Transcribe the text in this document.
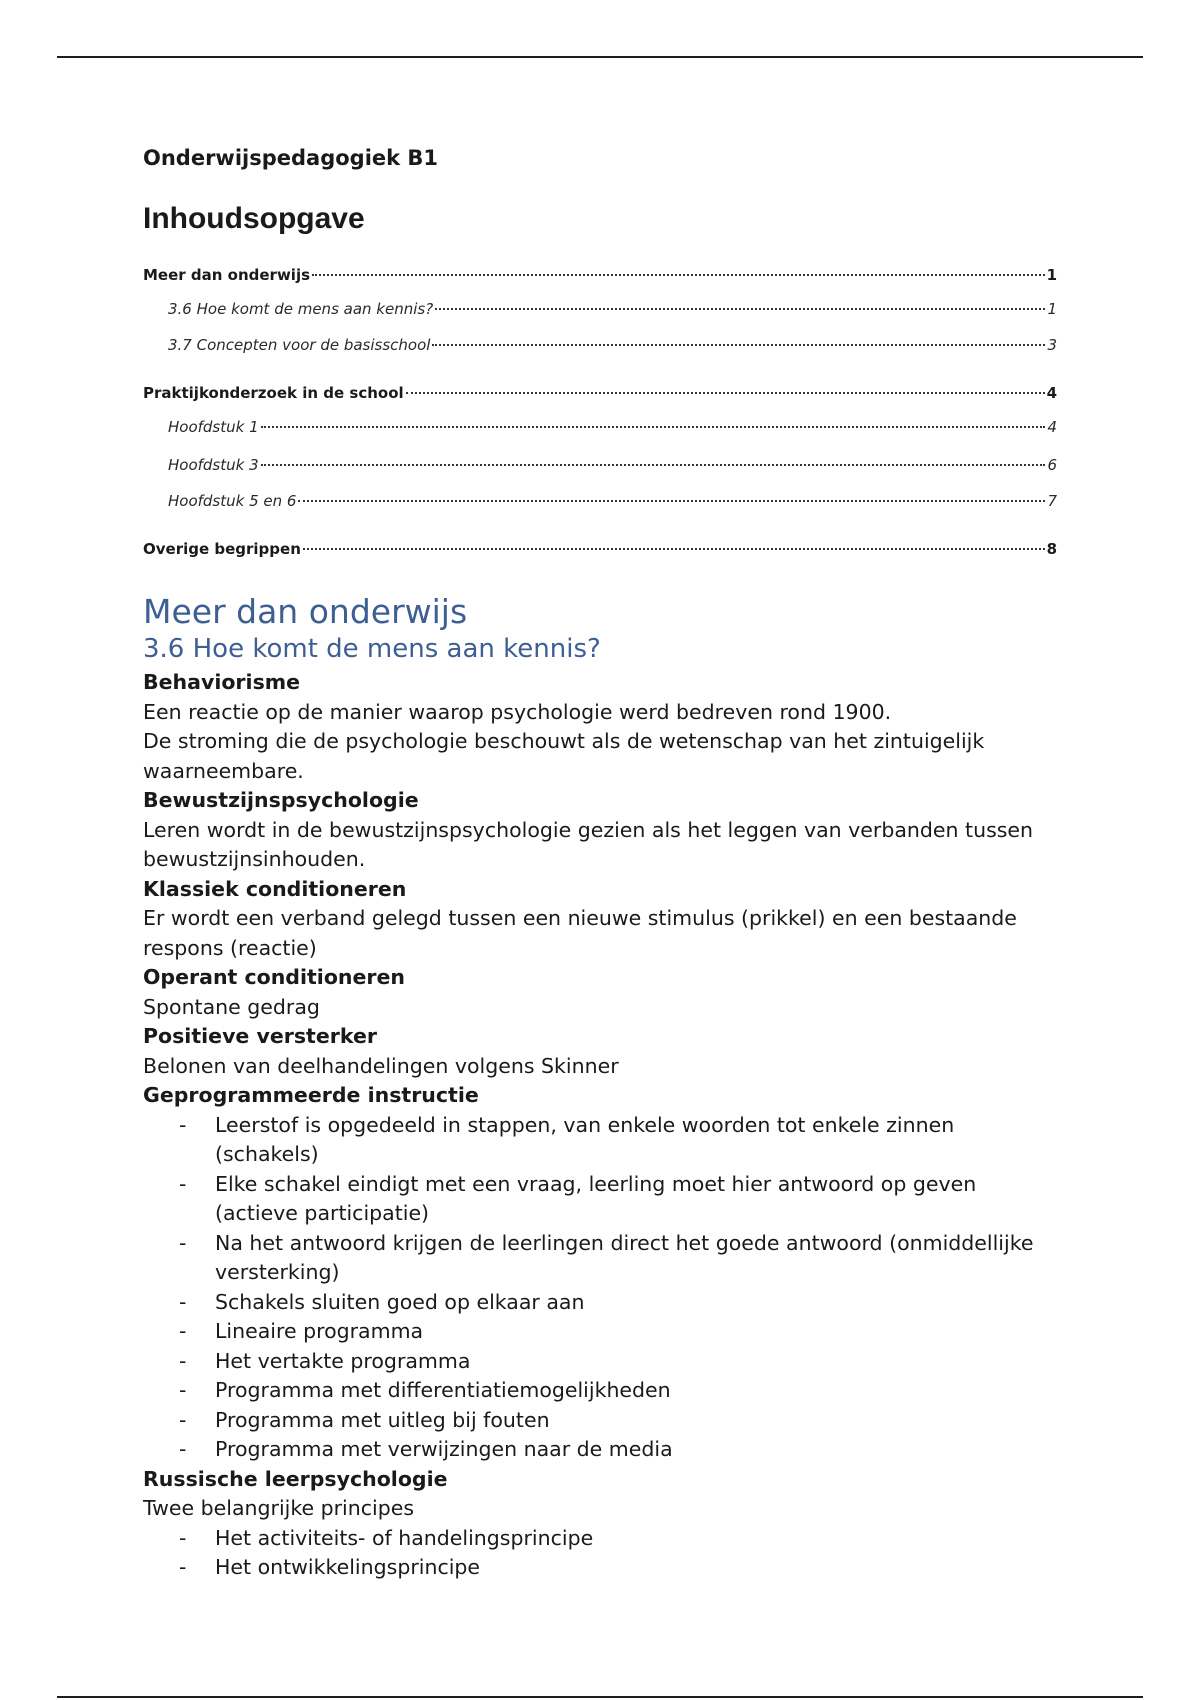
Onderwijspedagogiek B1
Inhoudsopgave
Meer dan onderwijs	1
3.6 Hoe komt de mens aan kennis?	1
3.7 Concepten voor de basisschool	3
Praktijkonderzoek in de school	4
Hoofdstuk 1	4
Hoofdstuk 3	6
Hoofdstuk 5 en 6	7
Overige begrippen	8
Meer dan onderwijs
3.6 Hoe komt de mens aan kennis?

Behaviorisme

Een reactie op de manier waarop psychologie werd bedreven rond 1900.

De stroming die de psychologie beschouwt als de wetenschap van het zintuigelijk waarneembare.

Bewustzijnspsychologie

Leren wordt in de bewustzijnspsychologie gezien als het leggen van verbanden tussen bewustzijnsinhouden.

Klassiek conditioneren

Er wordt een verband gelegd tussen een nieuwe stimulus (prikkel) en een bestaande respons (reactie)

Operant conditioneren

Spontane gedrag

Positieve versterker

Belonen van deelhandelingen volgens Skinner

Geprogrammeerde instructie

- Leerstof is opgedeeld in stappen, van enkele woorden tot enkele zinnen (schakels)
- Elke schakel eindigt met een vraag, leerling moet hier antwoord op geven (actieve participatie)
- Na het antwoord krijgen de leerlingen direct het goede antwoord (onmiddellijke versterking)
- Schakels sluiten goed op elkaar aan
- Lineaire programma
- Het vertakte programma
- Programma met differentiatiemogelijkheden
- Programma met uitleg bij fouten
- Programma met verwijzingen naar de media

Russische leerpsychologie

Twee belangrijke principes

- Het activiteits- of handelingsprincipe
- Het ontwikkelingsprincipe
